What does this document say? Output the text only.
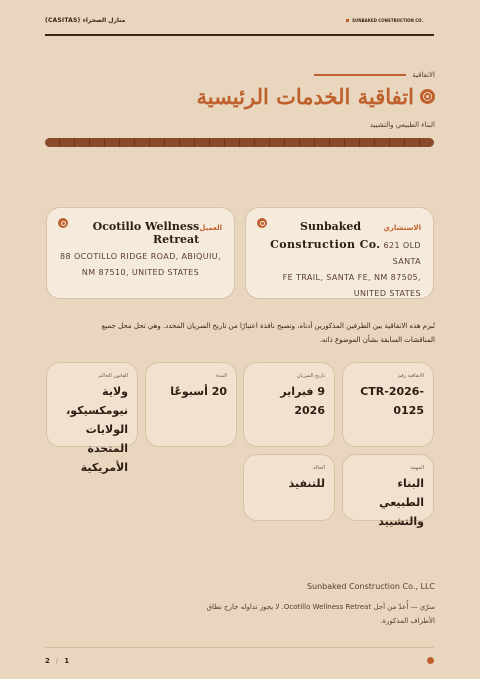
(CASITAS) منازل الصحراء	SUNBAKED CONSTRUCTION CO.
الاتفاقية
اتفاقية الخدمات الرئيسية
البناء الطبيعي والتشييد
الاستشاري
Sunbaked
Construction Co. 621 OLD SANTA
FE TRAIL, SANTA FE, NM 87505,
UNITED STATES
العميل
Ocotillo Wellness Retreat
88 OCOTILLO RIDGE ROAD, ABIQUIU,
NM 87510, UNITED STATES
تُبرم هذه الاتفاقية بين الطرفين المذكورين أدناه، وتصبح نافذة اعتبارًا من تاريخ السريان المحدد. وهي تحل محل جميع المناقشات السابقة بشأن الموضوع ذاته.
الاتفاقية رقم
CTR-2026-0125
تاريخ السريان
9 فبراير 2026
المدة
20 أسبوعًا
القانون الحاكم
ولاية نيومكسيكو، الولايات المتحدة الأمريكية	المهمة
البناء الطبيعي والتشييد
الحالة
للتنفيذ
Sunbaked Construction Co., LLC
سرّي — أُعدّ من أجل Ocotillo Wellness Retreat. لا يجوز تداوله خارج نطاق الأطراف المذكورة.
2 / 1
